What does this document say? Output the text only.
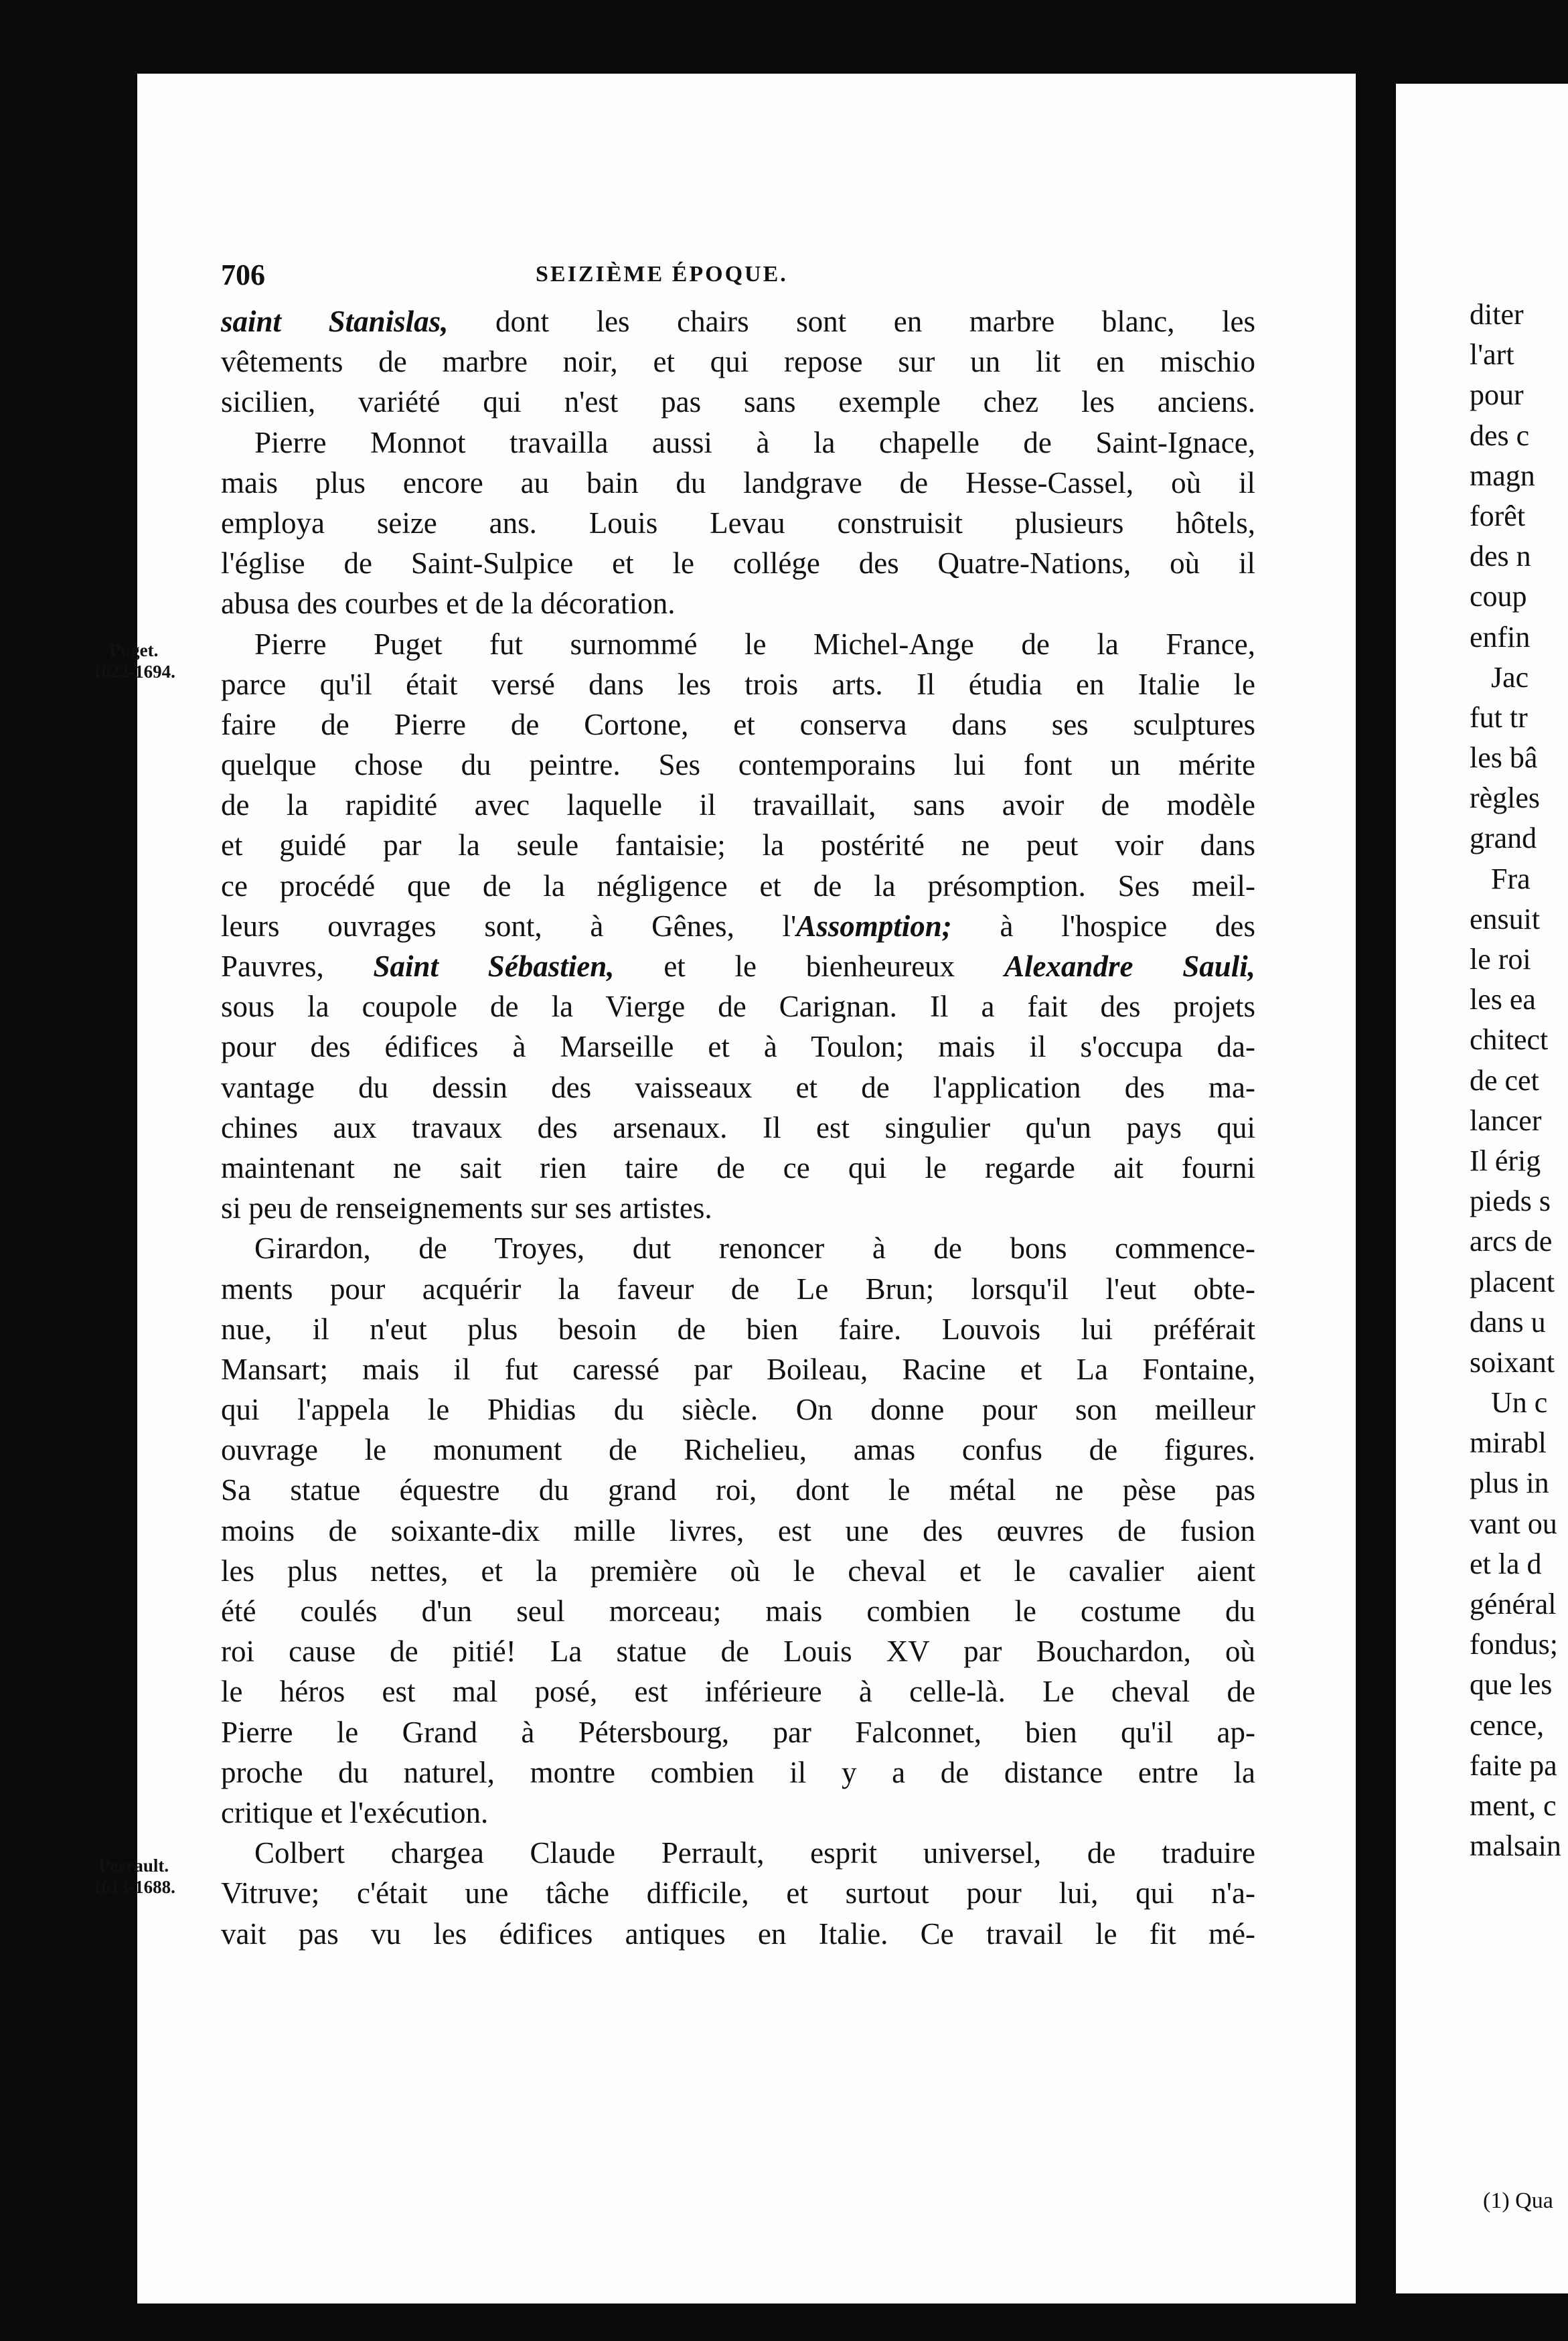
706	SEIZIÈME ÉPOQUE.
saint Stanislas, dont les chairs sont en marbre blanc, les
vêtements de marbre noir, et qui repose sur un lit en mischio
sicilien, variété qui n'est pas sans exemple chez les anciens.
Pierre Monnot travailla aussi à la chapelle de Saint-Ignace,
mais plus encore au bain du landgrave de Hesse-Cassel, où il
employa seize ans. Louis Levau construisit plusieurs hôtels,
l'église de Saint-Sulpice et le collége des Quatre-Nations, où il
abusa des courbes et de la décoration.
Pierre Puget fut surnommé le Michel-Ange de la France,
parce qu'il était versé dans les trois arts. Il étudia en Italie le
faire de Pierre de Cortone, et conserva dans ses sculptures
quelque chose du peintre. Ses contemporains lui font un mérite
de la rapidité avec laquelle il travaillait, sans avoir de modèle
et guidé par la seule fantaisie; la postérité ne peut voir dans
ce procédé que de la négligence et de la présomption. Ses meil-
leurs ouvrages sont, à Gênes, l'Assomption; à l'hospice des
Pauvres, Saint Sébastien, et le bienheureux Alexandre Sauli,
sous la coupole de la Vierge de Carignan. Il a fait des projets
pour des édifices à Marseille et à Toulon; mais il s'occupa da-
vantage du dessin des vaisseaux et de l'application des ma-
chines aux travaux des arsenaux. Il est singulier qu'un pays qui
maintenant ne sait rien taire de ce qui le regarde ait fourni
si peu de renseignements sur ses artistes.
Girardon, de Troyes, dut renoncer à de bons commence-
ments pour acquérir la faveur de Le Brun; lorsqu'il l'eut obte-
nue, il n'eut plus besoin de bien faire. Louvois lui préférait
Mansart; mais il fut caressé par Boileau, Racine et La Fontaine,
qui l'appela le Phidias du siècle. On donne pour son meilleur
ouvrage le monument de Richelieu, amas confus de figures.
Sa statue équestre du grand roi, dont le métal ne pèse pas
moins de soixante-dix mille livres, est une des œuvres de fusion
les plus nettes, et la première où le cheval et le cavalier aient
été coulés d'un seul morceau; mais combien le costume du
roi cause de pitié! La statue de Louis XV par Bouchardon, où
le héros est mal posé, est inférieure à celle-là. Le cheval de
Pierre le Grand à Pétersbourg, par Falconnet, bien qu'il ap-
proche du naturel, montre combien il y a de distance entre la
critique et l'exécution.
Colbert chargea Claude Perrault, esprit universel, de traduire
Vitruve; c'était une tâche difficile, et surtout pour lui, qui n'a-
vait pas vu les édifices antiques en Italie. Ce travail le fit mé-
Puget.
1622-1694.
Perrault.
1613-1688.
diter
l'art
pour
des c
magn
forêt
des n
coup
enfin
Jac
fut tr
les bâ
règles
grand
Fra
ensuit
le roi
les ea
chitect
de cet
lancer
Il érig
pieds s
arcs de
placent
dans u
soixant
Un c
mirabl
plus in
vant ou
et la d
général
fondus;
que les
cence,
faite pa
ment, c
malsain
(1) Qua
